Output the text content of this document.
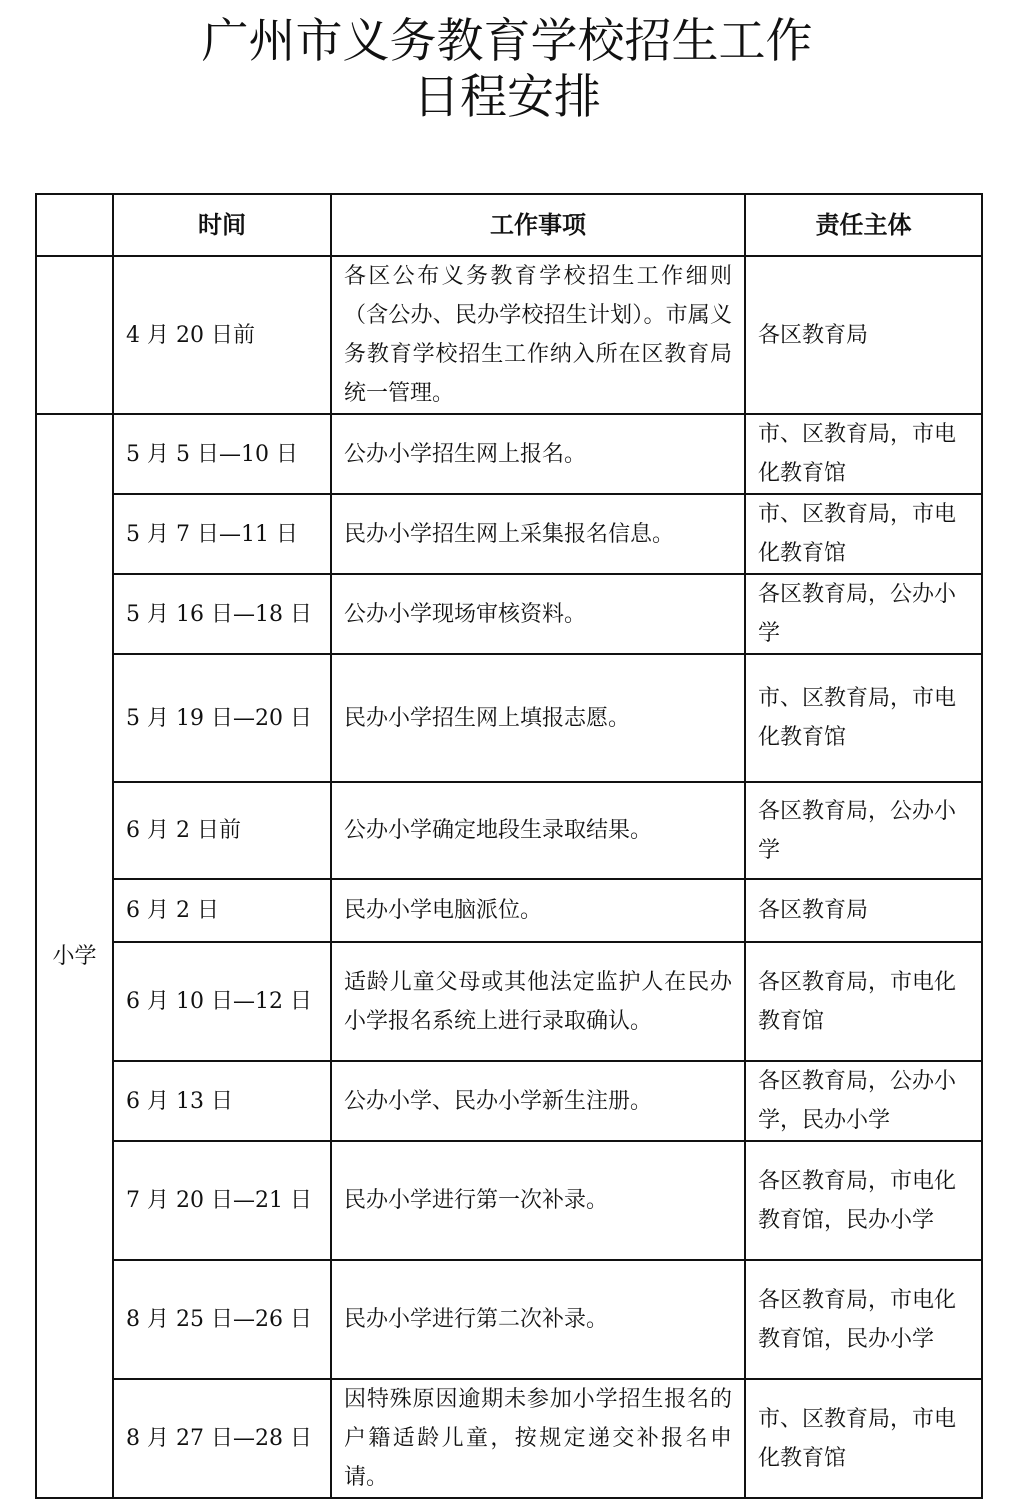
广州市义务教育学校招生工作
日程安排
	时间	工作事项	责任主体
	4 月 20 日前	各区公布义务教育学校招生工作细则（含公办、民办学校招生计划）。市属义务教育学校招生工作纳入所在区教育局统一管理。	各区教育局
小学	5 月 5 日—10 日	公办小学招生网上报名。	市、区教育局，市电化教育馆
	5 月 7 日—11 日	民办小学招生网上采集报名信息。	市、区教育局，市电化教育馆
	5 月 16 日—18 日	公办小学现场审核资料。	各区教育局，公办小学
	5 月 19 日—20 日	民办小学招生网上填报志愿。	市、区教育局，市电化教育馆
	6 月 2 日前	公办小学确定地段生录取结果。	各区教育局，公办小学
	6 月 2 日	民办小学电脑派位。	各区教育局
	6 月 10 日—12 日	适龄儿童父母或其他法定监护人在民办小学报名系统上进行录取确认。	各区教育局，市电化教育馆
	6 月 13 日	公办小学、民办小学新生注册。	各区教育局，公办小学，民办小学
	7 月 20 日—21 日	民办小学进行第一次补录。	各区教育局，市电化教育馆，民办小学
	8 月 25 日—26 日	民办小学进行第二次补录。	各区教育局，市电化教育馆，民办小学
	8 月 27 日—28 日	因特殊原因逾期未参加小学招生报名的户籍适龄儿童，按规定递交补报名申请。	市、区教育局，市电化教育馆
